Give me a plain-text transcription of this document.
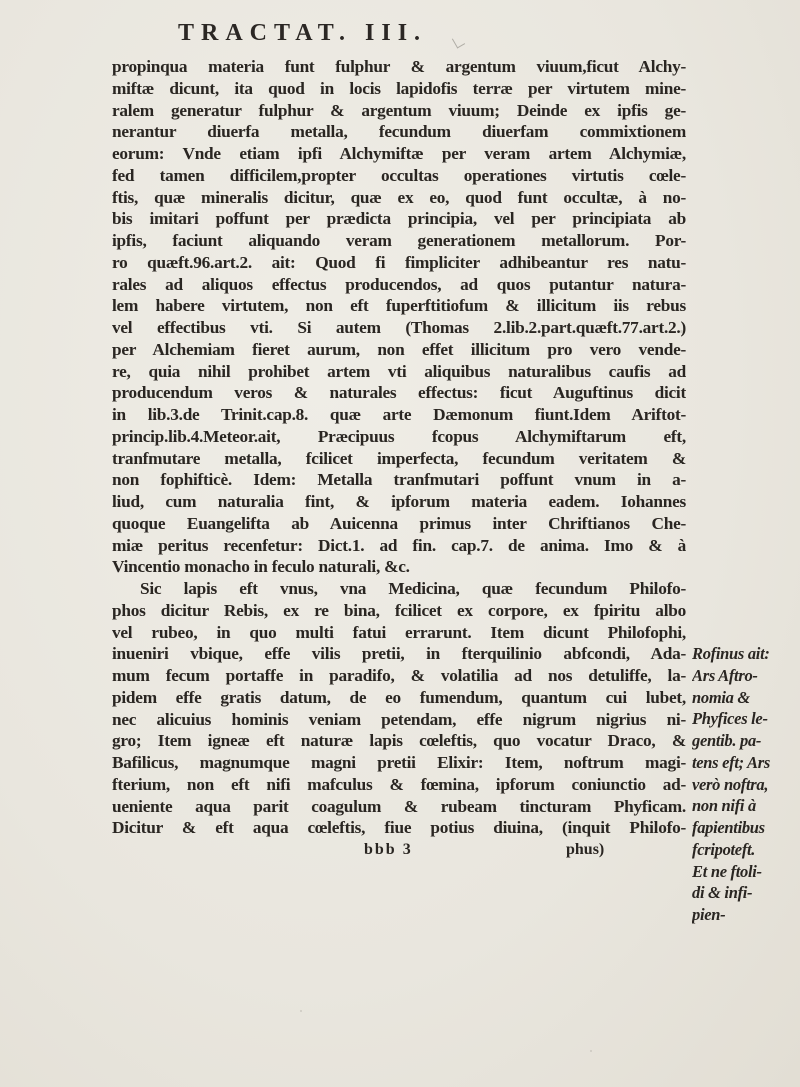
TRACTAT. III.
propinqua materia funt fulphur & argentum viuum,ficut Alchy-
miftæ dicunt, ita quod in locis lapidofis terræ per virtutem mine-
ralem generatur fulphur & argentum viuum; Deinde ex ipfis ge-
nerantur diuerfa metalla, fecundum diuerfam commixtionem
eorum: Vnde etiam ipfi Alchymiftæ per veram artem Alchymiæ,
fed tamen difficilem,propter occultas operationes virtutis cœle-
ftis, quæ mineralis dicitur, quæ ex eo, quod funt occultæ, à no-
bis imitari poffunt per prædicta principia, vel per principiata ab
ipfis, faciunt aliquando veram generationem metallorum. Por-
ro quæft.96.art.2. ait: Quod fi fimpliciter adhibeantur res natu-
rales ad aliquos effectus producendos, ad quos putantur natura-
lem habere virtutem, non eft fuperftitiofum & illicitum iis rebus
vel effectibus vti. Si autem (Thomas 2.lib.2.part.quæft.77.art.2.)
per Alchemiam fieret aurum, non effet illicitum pro vero vende-
re, quia nihil prohibet artem vti aliquibus naturalibus caufis ad
producendum veros & naturales effectus: ficut Auguftinus dicit
in lib.3.de Trinit.cap.8. quæ arte Dæmonum fiunt.Idem Ariftot-
princip.lib.4.Meteor.ait, Præcipuus fcopus Alchymiftarum eft,
tranfmutare metalla, fcilicet imperfecta, fecundum veritatem &
non fophifticè. Idem: Metalla tranfmutari poffunt vnum in a-
liud, cum naturalia fint, & ipforum materia eadem. Iohannes
quoque Euangelifta ab Auicenna primus inter Chriftianos Che-
miæ peritus recenfetur: Dict.1. ad fin. cap.7. de anima. Imo & à
Vincentio monacho in feculo naturali, &c.
Sic lapis eft vnus, vna Medicina, quæ fecundum Philofo-
phos dicitur Rebis, ex re bina, fcilicet ex corpore, ex fpiritu albo
vel rubeo, in quo multi fatui errarunt. Item dicunt Philofophi,
inueniri vbique, effe vilis pretii, in fterquilinio abfcondi, Ada-
mum fecum portaffe in paradifo, & volatilia ad nos detuliffe, la-
pidem effe gratis datum, de eo fumendum, quantum cui lubet,
nec alicuius hominis veniam petendam, effe nigrum nigrius ni-
gro; Item igneæ eft naturæ lapis cœleftis, quo vocatur Draco, &
Bafilicus, magnumque magni pretii Elixir: Item, noftrum magi-
fterium, non eft nifi mafculus & fœmina, ipforum coniunctio ad-
ueniente aqua parit coagulum & rubeam tincturam Phyficam.
Dicitur & eft aqua cœleftis, fiue potius diuina, (inquit Philofo-
bbb 3	phus)
Rofinus ait:
Ars Aftro-
nomia &
Phyfices le-
gentib. pa-
tens eft; Ars
verò noftra,
non nifi à
fapientibus
fcripoteft.
Et ne ftoli-
di & infi-
pien-
